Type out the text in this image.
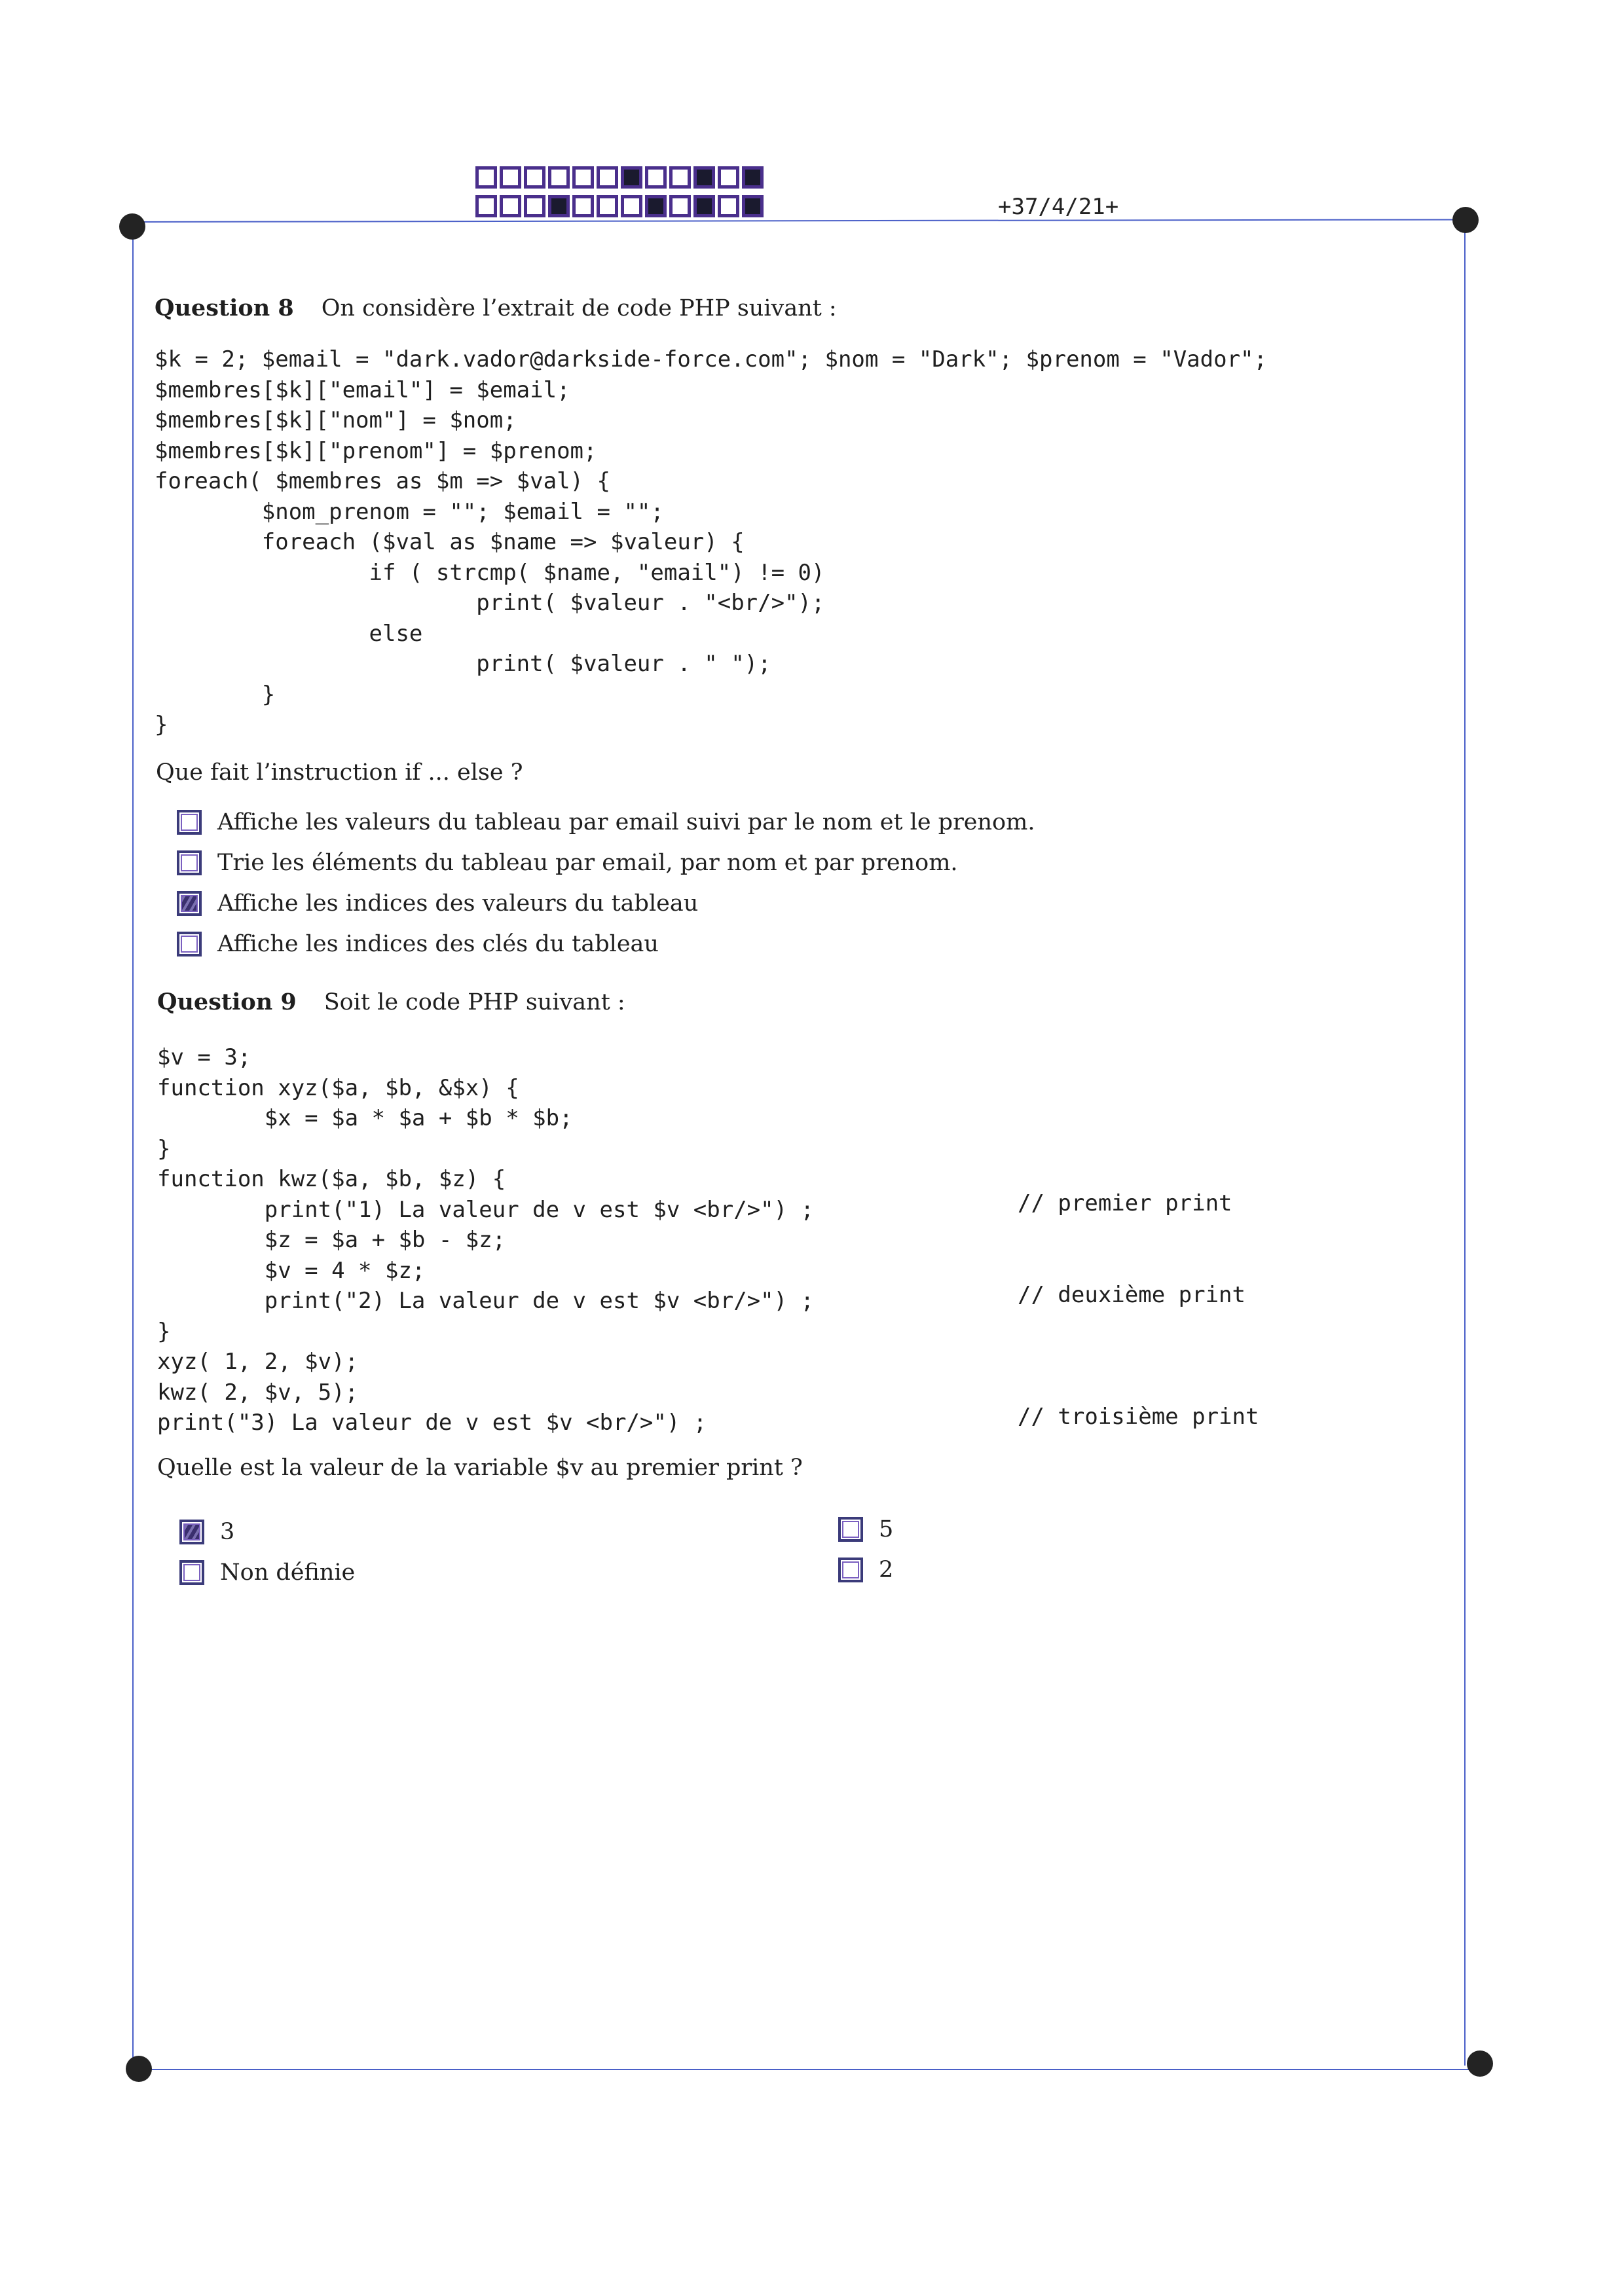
+37/4/21+
Question 8 On considère l’extrait de code PHP suivant :
$k = 2; $email = "dark.vador@darkside-force.com"; $nom = "Dark"; $prenom = "Vador";
$membres[$k]["email"] = $email;
$membres[$k]["nom"] = $nom;
$membres[$k]["prenom"] = $prenom;
foreach( $membres as $m => $val) {
$nom_prenom = ""; $email = "";
foreach ($val as $name => $valeur) {
if ( strcmp( $name, "email") != 0)
print( $valeur . "<br/>");
else
print( $valeur . " ");
}
}
Que fait l’instruction if ... else ?
Affiche les valeurs du tableau par email suivi par le nom et le prenom.
Trie les éléments du tableau par email, par nom et par prenom.
Affiche les indices des valeurs du tableau
Affiche les indices des clés du tableau
Question 9 Soit le code PHP suivant :
$v = 3;
function xyz($a, $b, &$x) {
$x = $a * $a + $b * $b;
}
function kwz($a, $b, $z) {
print("1) La valeur de v est $v <br/>") ;
$z = $a + $b - $z;
$v = 4 * $z;
print("2) La valeur de v est $v <br/>") ;
}
xyz( 1, 2, $v);
kwz( 2, $v, 5);
print("3) La valeur de v est $v <br/>") ;
// premier print
// deuxième print
// troisième print
Quelle est la valeur de la variable $v au premier print ?
3
Non définie
5
2
